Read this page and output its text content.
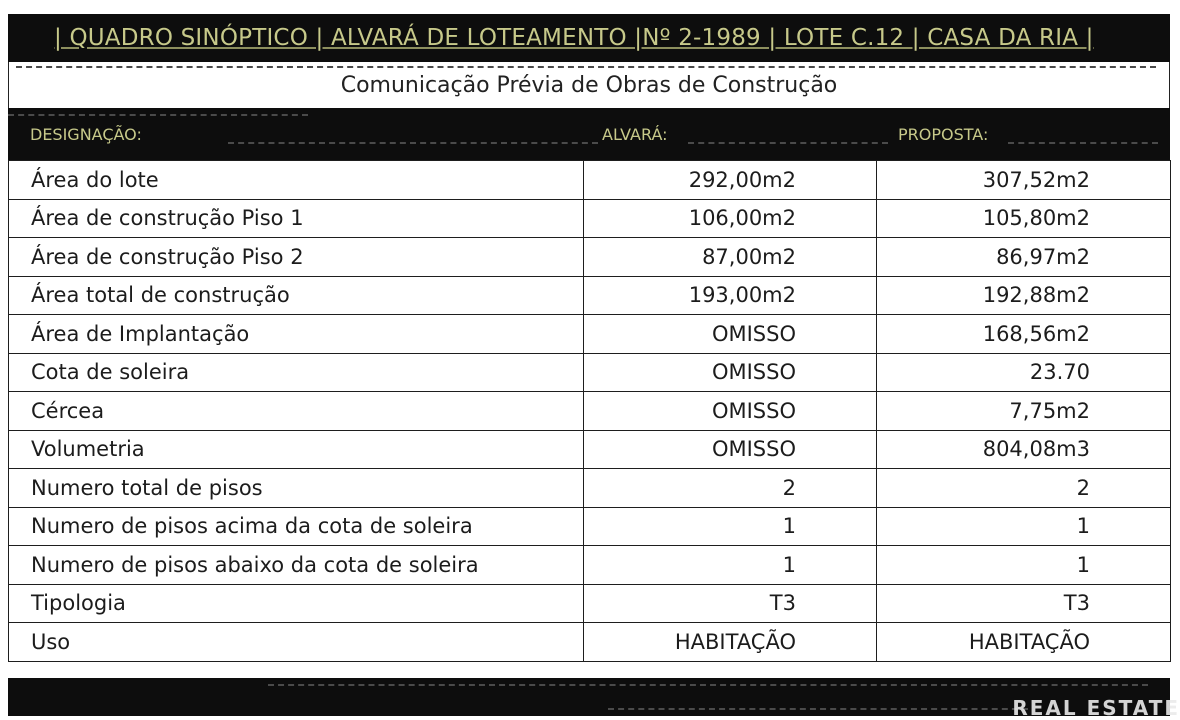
| QUADRO SINÓPTICO | ALVARÁ DE LOTEAMENTO |Nº 2-1989 | LOTE C.12 | CASA DA RIA |
Comunicação Prévia de Obras de Construção
DESIGNAÇÃO:	ALVARÁ:	PROPOSTA:
Área do lote	292,00m2	307,52m2
Área de construção Piso 1	106,00m2	105,80m2
Área de construção Piso 2	87,00m2	86,97m2
Área total de construção	193,00m2	192,88m2
Área de Implantação	OMISSO	168,56m2
Cota de soleira	OMISSO	23.70
Cércea	OMISSO	7,75m2
Volumetria	OMISSO	804,08m3
Numero total de pisos	2	2
Numero de pisos acima da cota de soleira	1	1
Numero de pisos abaixo da cota de soleira	1	1
Tipologia	T3	T3
Uso	HABITAÇÃO	HABITAÇÃO
REAL ESTATE
